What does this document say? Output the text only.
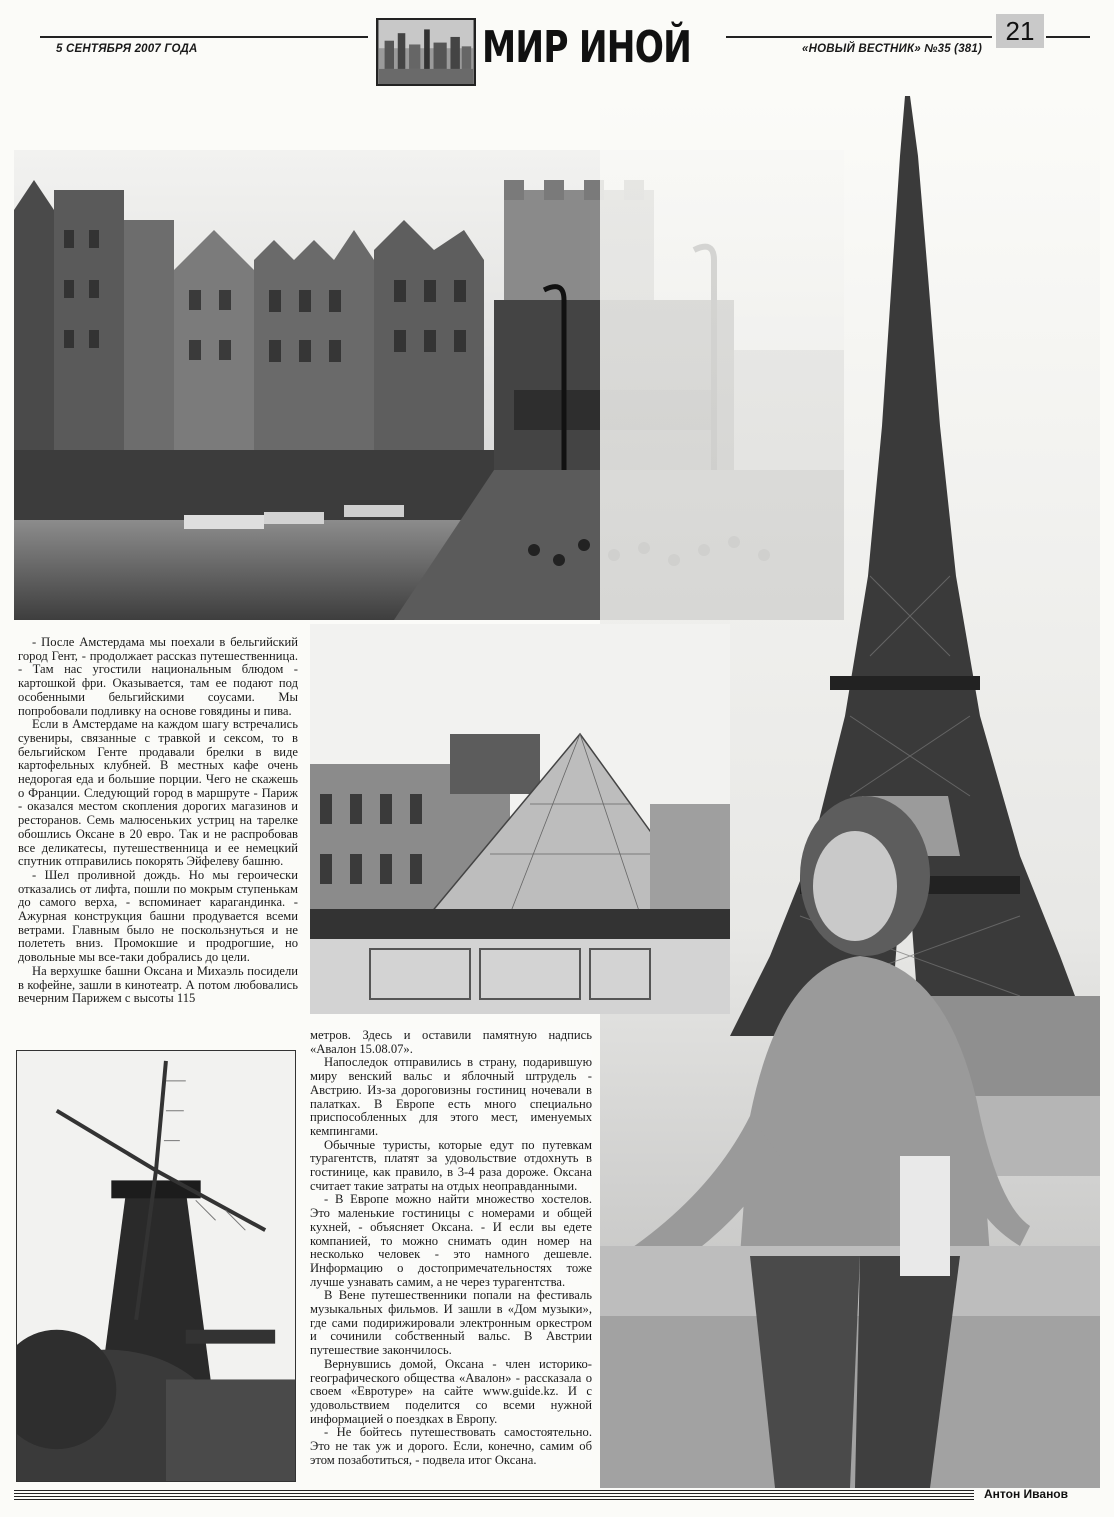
5 СЕНТЯБРЯ 2007 ГОДА	МИР ИНОЙ	«НОВЫЙ ВЕСТНИК» №35 (381)
21

- После Амстердама мы поехали в бельгийский город Гент, - продолжает рассказ путешественница. - Там нас угостили национальным блюдом - картошкой фри. Оказывается, там ее подают под особенными бельгийскими соусами. Мы попробовали подливку на основе говядины и пива.

Если в Амстердаме на каждом шагу встречались сувениры, связанные с травкой и сексом, то в бельгийском Генте продавали брелки в виде картофельных клубней. В местных кафе очень недорогая еда и большие порции. Чего не скажешь о Франции. Следующий город в маршруте - Париж - оказался местом скопления дорогих магазинов и ресторанов. Семь малюсеньких устриц на тарелке обошлись Оксане в 20 евро. Так и не распробовав все деликатесы, путешественница и ее немецкий спутник отправились покорять Эйфелеву башню.

- Шел проливной дождь. Но мы героически отказались от лифта, пошли по мокрым ступенькам до самого верха, - вспоминает карагандинка. - Ажурная конструкция башни продувается всеми ветрами. Главным было не поскользнуться и не полететь вниз. Промокшие и продрогшие, но довольные мы все-таки добрались до цели.

На верхушке башни Оксана и Михаэль посидели в кофейне, зашли в кинотеатр. А потом любовались вечерним Парижем с высоты 115

метров. Здесь и оставили памятную надпись «Авалон 15.08.07».

Напоследок отправились в страну, подарившую миру венский вальс и яблочный штрудель - Австрию. Из-за дороговизны гостиниц ночевали в палатках. В Европе есть много специально приспособленных для этого мест, именуемых кемпингами.

Обычные туристы, которые едут по путевкам турагентств, платят за удовольствие отдохнуть в гостинице, как правило, в 3-4 раза дороже. Оксана считает такие затраты на отдых неоправданными.

- В Европе можно найти множество хостелов. Это маленькие гостиницы с номерами и общей кухней, - объясняет Оксана. - И если вы едете компанией, то можно снимать один номер на несколько человек - это намного дешевле. Информацию о достопримечательностях тоже лучше узнавать самим, а не через турагентства.

В Вене путешественники попали на фестиваль музыкальных фильмов. И зашли в «Дом музыки», где сами подирижировали электронным оркестром и сочинили собственный вальс. В Австрии путешествие закончилось.

Вернувшись домой, Оксана - член историко-географического общества «Авалон» - рассказала о своем «Евротуре» на сайте www.guide.kz. И с удовольствием поделится со всеми нужной информацией о поездках в Европу.

- Не бойтесь путешествовать самостоятельно. Это не так уж и дорого. Если, конечно, самим об этом позаботиться, - подвела итог Оксана.

Антон Иванов
